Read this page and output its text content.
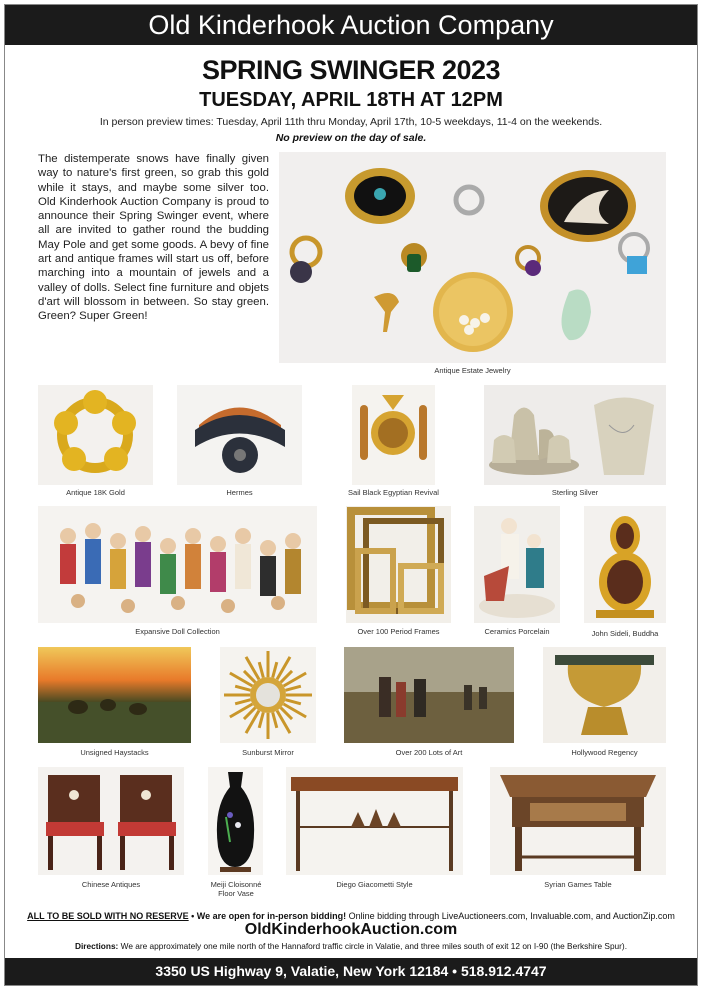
Old Kinderhook Auction Company
SPRING SWINGER 2023
TUESDAY, APRIL 18TH AT 12PM
In person preview times: Tuesday, April 11th thru Monday, April 17th, 10-5 weekdays, 11-4 on the weekends.
No preview on the day of sale.
The distemperate snows have finally given way to nature's first green, so grab this gold while it stays, and maybe some silver too. Old Kinderhook Auction Company is proud to announce their Spring Swinger event, where all are invited to gather round the budding May Pole and get some goods. A bevy of fine art and antique frames will start us off, before marching into a mountain of jewels and a valley of dolls. Select fine furniture and objets d'art will blossom in between. So stay green. Green? Super Green!
Antique Estate Jewelry
Antique 18K Gold	Hermes	Sail Black Egyptian Revival	Sterling Silver
Expansive Doll Collection	Over 100 Period Frames	Ceramics Porcelain	John Sideli, Buddha
Unsigned Haystacks	Sunburst Mirror	Over 200 Lots of Art	Hollywood Regency
Chinese Antiques	Meiji Cloisonné
Floor Vase
Diego Giacometti Style	Syrian Games Table
ALL TO BE SOLD WITH NO RESERVE • We are open for in-person bidding! Online bidding through LiveAuctioneers.com, Invaluable.com, and AuctionZip.com
OldKinderhookAuction.com
Directions: We are approximately one mile north of the Hannaford traffic circle in Valatie, and three miles south of exit 12 on I-90 (the Berkshire Spur).
3350 US Highway 9, Valatie, New York 12184 • 518.912.4747
